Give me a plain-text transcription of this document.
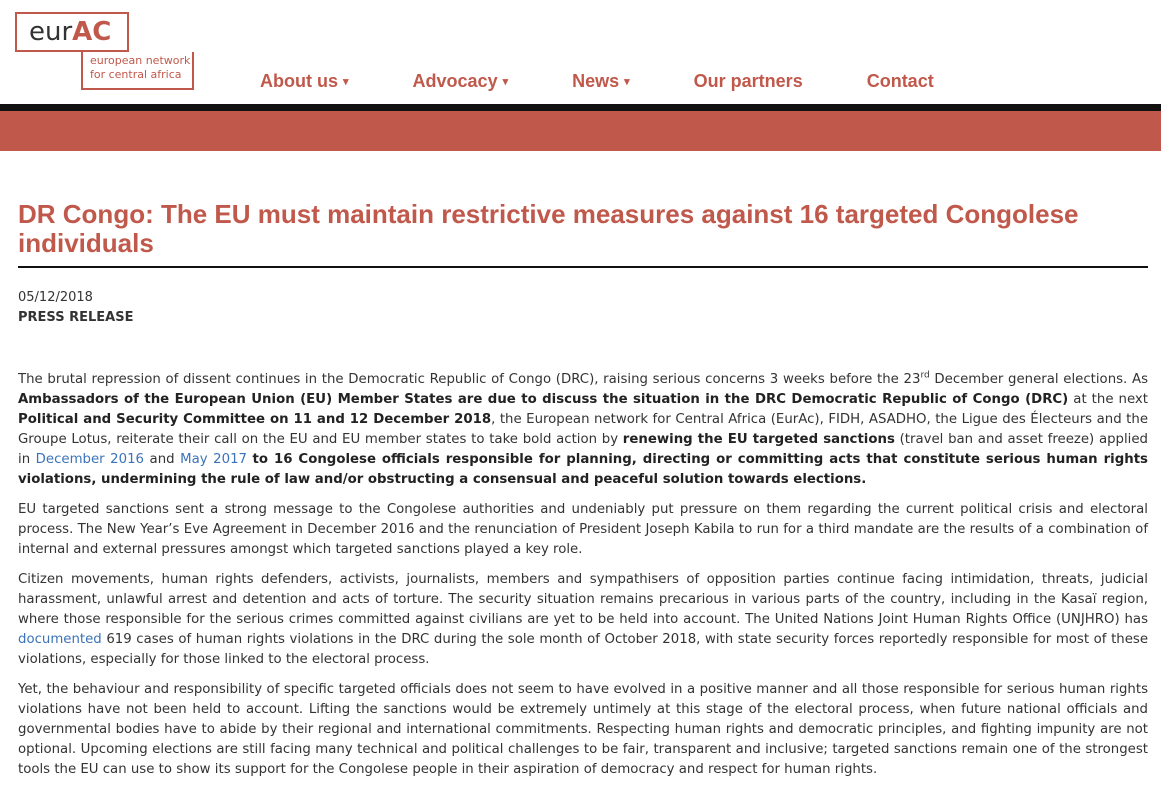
eurAC
european network
for central africa	About us ▾	Advocacy ▾	News ▾	Our partners	Contact
DR Congo: The EU must maintain restrictive measures against 16 targeted Congolese individuals
05/12/2018
PRESS RELEASE

The brutal repression of dissent continues in the Democratic Republic of Congo (DRC), raising serious concerns 3 weeks before the 23rd December general elections. As Ambassadors of the European Union (EU) Member States are due to discuss the situation in the DRC Democratic Republic of Congo (DRC) at the next Political and Security Committee on 11 and 12 December 2018, the European network for Central Africa (EurAc), FIDH, ASADHO, the Ligue des Électeurs and the Groupe Lotus, reiterate their call on the EU and EU member states to take bold action by renewing the EU targeted sanctions (travel ban and asset freeze) applied in December 2016 and May 2017 to 16 Congolese officials responsible for planning, directing or committing acts that constitute serious human rights violations, undermining the rule of law and/or obstructing a consensual and peaceful solution towards elections.

EU targeted sanctions sent a strong message to the Congolese authorities and undeniably put pressure on them regarding the current political crisis and electoral process. The New Year’s Eve Agreement in December 2016 and the renunciation of President Joseph Kabila to run for a third mandate are the results of a combination of internal and external pressures amongst which targeted sanctions played a key role.

Citizen movements, human rights defenders, activists, journalists, members and sympathisers of opposition parties continue facing intimidation, threats, judicial harassment, unlawful arrest and detention and acts of torture. The security situation remains precarious in various parts of the country, including in the Kasaï region, where those responsible for the serious crimes committed against civilians are yet to be held into account. The United Nations Joint Human Rights Office (UNJHRO) has documented 619 cases of human rights violations in the DRC during the sole month of October 2018, with state security forces reportedly responsible for most of these violations, especially for those linked to the electoral process.

Yet, the behaviour and responsibility of specific targeted officials does not seem to have evolved in a positive manner and all those responsible for serious human rights violations have not been held to account. Lifting the sanctions would be extremely untimely at this stage of the electoral process, when future national officials and governmental bodies have to abide by their regional and international commitments. Respecting human rights and democratic principles, and fighting impunity are not optional. Upcoming elections are still facing many technical and political challenges to be fair, transparent and inclusive; targeted sanctions remain one of the strongest tools the EU can use to show its support for the Congolese people in their aspiration of democracy and respect for human rights.
